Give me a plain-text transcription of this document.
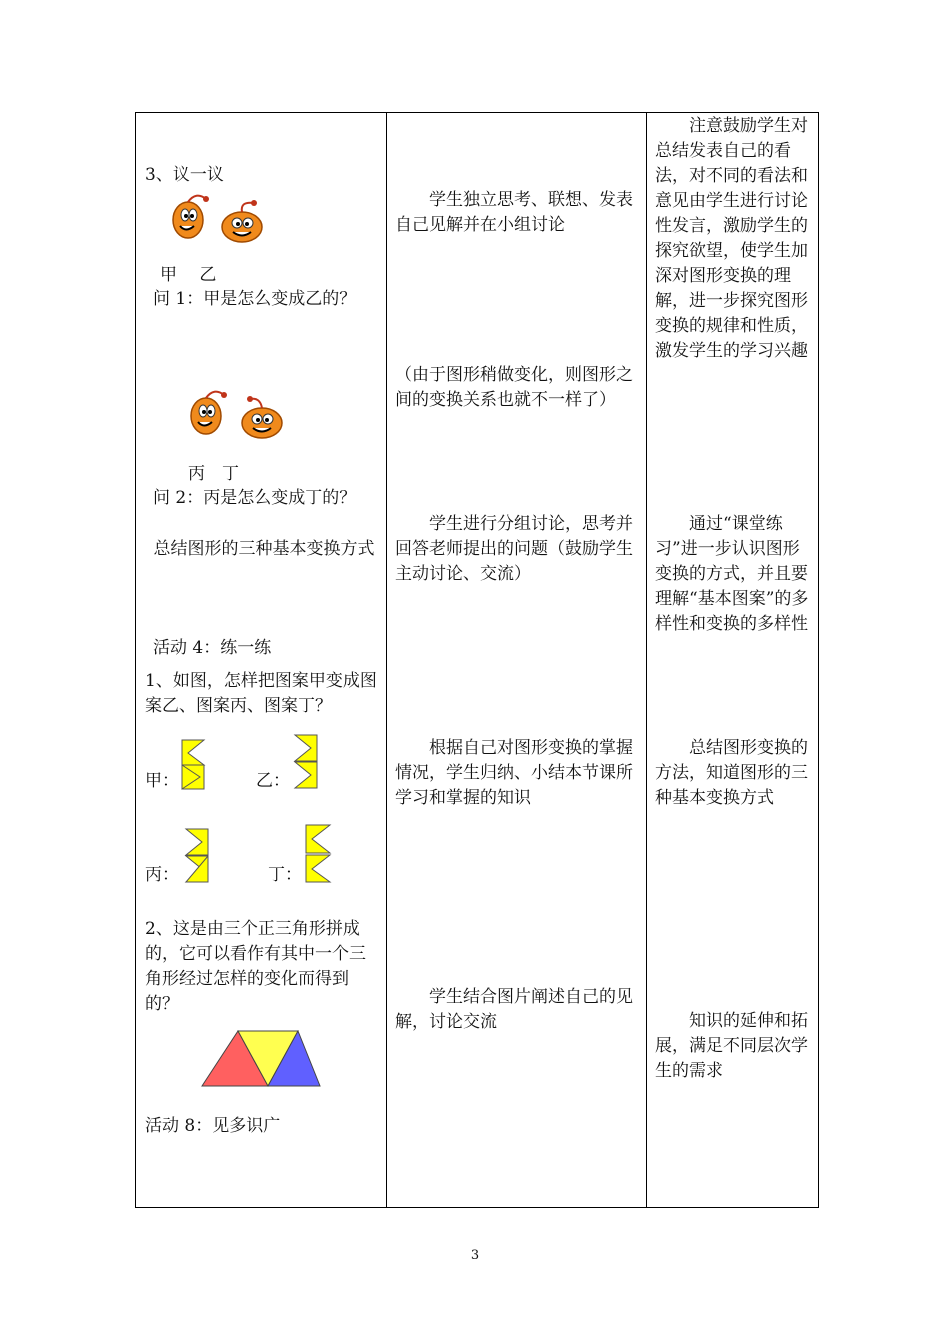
3、议一议
甲　 乙
问 1：甲是怎么变成乙的？
丙　丁
问 2：丙是怎么变成丁的？
总结图形的三种基本变换方式
活动 4：练一练
1、如图，怎样把图案甲变成图案乙、图案丙、图案丁？
甲：	乙：
丙：	丁：
2、这是由三个正三角形拼成的，它可以看作有其中一个三角形经过怎样的变化而得到的？
活动 8：见多识广
学生独立思考、联想、发表自己见解并在小组讨论
（由于图形稍做变化，则图形之间的变换关系也就不一样了）
学生进行分组讨论，思考并回答老师提出的问题（鼓励学生主动讨论、交流）
根据自己对图形变换的掌握情况，学生归纳、小结本节课所学习和掌握的知识
学生结合图片阐述自己的见解，讨论交流
注意鼓励学生对总结发表自己的看法，对不同的看法和意见由学生进行讨论性发言，激励学生的探究欲望，使学生加深对图形变换的理解，进一步探究图形变换的规律和性质，激发学生的学习兴趣
通过“课堂练习”进一步认识图形变换的方式，并且要理解“基本图案”的多样性和变换的多样性
总结图形变换的方法，知道图形的三种基本变换方式
知识的延伸和拓展，满足不同层次学生的需求
3
